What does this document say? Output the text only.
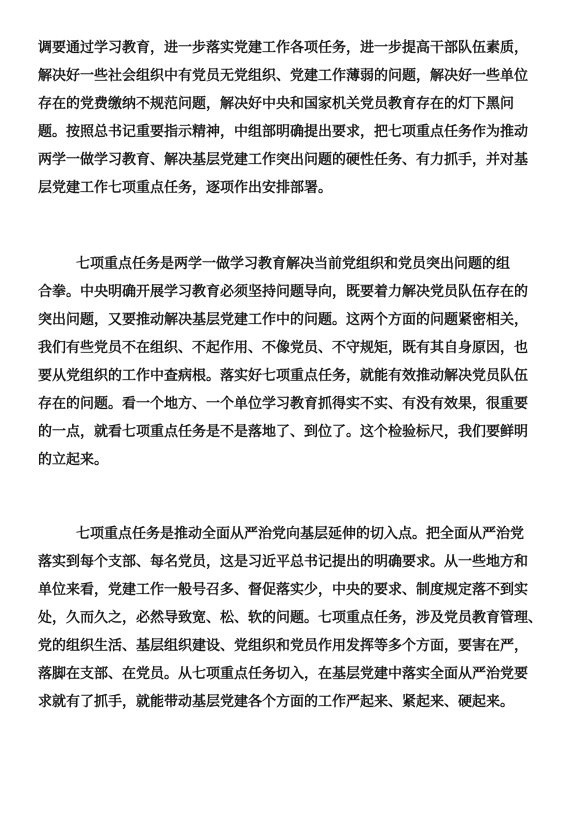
调要通过学习教育，进一步落实党建工作各项任务，进一步提高干部队伍素质，
解决好一些社会组织中有党员无党组织、党建工作薄弱的问题，解决好一些单位
存在的党费缴纳不规范问题，解决好中央和国家机关党员教育存在的灯下黑问
题。按照总书记重要指示精神，中组部明确提出要求，把七项重点任务作为推动
两学一做学习教育、解决基层党建工作突出问题的硬性任务、有力抓手，并对基
层党建工作七项重点任务，逐项作出安排部署。
七项重点任务是两学一做学习教育解决当前党组织和党员突出问题的组
合拳。中央明确开展学习教育必须坚持问题导向，既要着力解决党员队伍存在的
突出问题，又要推动解决基层党建工作中的问题。这两个方面的问题紧密相关，
我们有些党员不在组织、不起作用、不像党员、不守规矩，既有其自身原因，也
要从党组织的工作中查病根。落实好七项重点任务，就能有效推动解决党员队伍
存在的问题。看一个地方、一个单位学习教育抓得实不实、有没有效果，很重要
的一点，就看七项重点任务是不是落地了、到位了。这个检验标尺，我们要鲜明
的立起来。
七项重点任务是推动全面从严治党向基层延伸的切入点。把全面从严治党
落实到每个支部、每名党员，这是习近平总书记提出的明确要求。从一些地方和
单位来看，党建工作一般号召多、督促落实少，中央的要求、制度规定落不到实
处，久而久之，必然导致宽、松、软的问题。七项重点任务，涉及党员教育管理、
党的组织生活、基层组织建设、党组织和党员作用发挥等多个方面，要害在严，
落脚在支部、在党员。从七项重点任务切入，在基层党建中落实全面从严治党要
求就有了抓手，就能带动基层党建各个方面的工作严起来、紧起来、硬起来。
